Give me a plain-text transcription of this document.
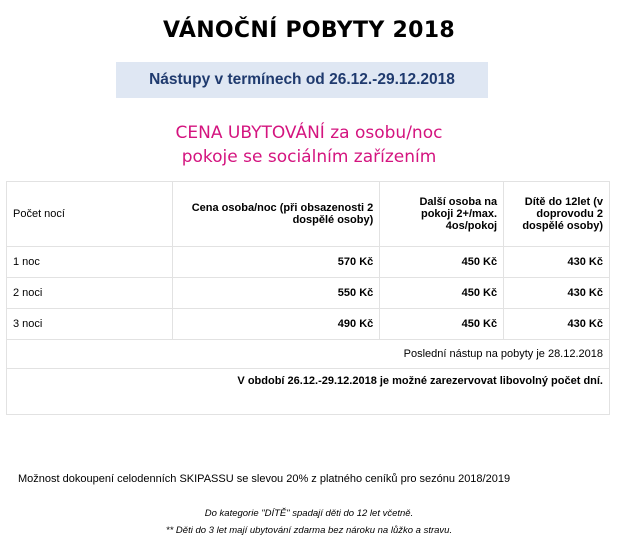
VÁNOČNÍ POBYTY 2018
Nástupy v termínech od 26.12.-29.12.2018
CENA UBYTOVÁNÍ za osobu/noc
pokoje se sociálním zařízením
Počet nocí	Cena osoba/noc (při obsazenosti 2 dospělé osoby)	Další osoba na pokoji 2+/max. 4os/pokoj	Dítě do 12let (v doprovodu 2 dospělé osoby)
1 noc	570 Kč	450 Kč	430 Kč
2 noci	550 Kč	450 Kč	430 Kč
3 noci	490 Kč	450 Kč	430 Kč
Poslední nástup na pobyty je 28.12.2018			
V období 26.12.-29.12.2018 je možné zarezervovat libovolný počet dní.			
Možnost dokoupení celodenních SKIPASSU se slevou 20% z platného ceníků pro sezónu 2018/2019
Do kategorie "DÍTĚ" spadají děti do 12 let včetně.
** Děti do 3 let mají ubytování zdarma bez nároku na lůžko a stravu.
